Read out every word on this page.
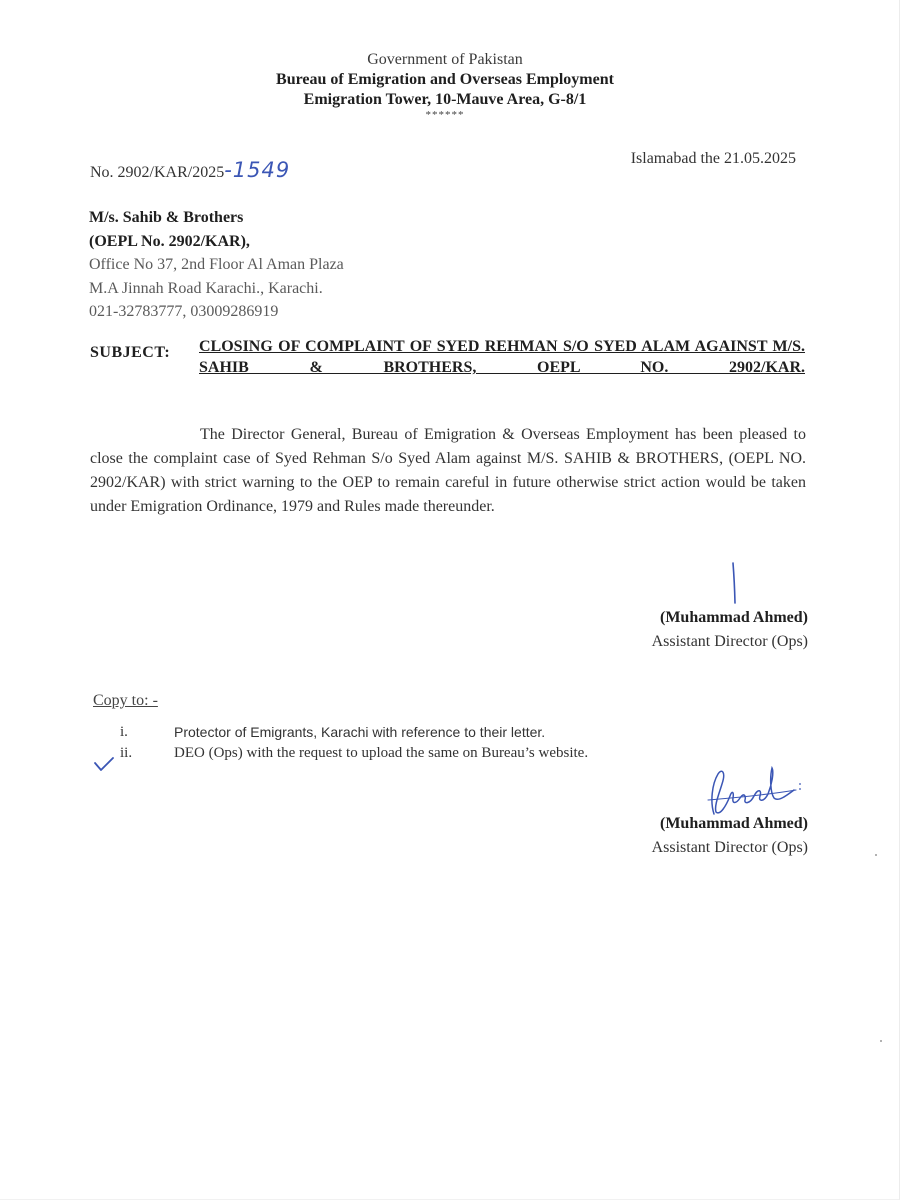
Government of Pakistan
Bureau of Emigration and Overseas Employment
Emigration Tower, 10-Mauve Area, G-8/1
******
No. 2902/KAR/2025-1549	Islamabad the 21.05.2025
M/s. Sahib & Brothers
(OEPL No. 2902/KAR),
Office No 37, 2nd Floor Al Aman Plaza
M.A Jinnah Road Karachi., Karachi.
021-32783777, 03009286919
SUBJECT: CLOSING OF COMPLAINT OF SYED REHMAN S/O SYED ALAM AGAINST M/S. SAHIB & BROTHERS, OEPL NO. 2902/KAR.
The Director General, Bureau of Emigration & Overseas Employment has been pleased to close the complaint case of Syed Rehman S/o Syed Alam against M/S. SAHIB & BROTHERS, (OEPL NO. 2902/KAR) with strict warning to the OEP to remain careful in future otherwise strict action would be taken under Emigration Ordinance, 1979 and Rules made thereunder.
(Muhammad Ahmed)
Assistant Director (Ops)
Copy to: -
i.	Protector of Emigrants, Karachi with reference to their letter.
ii.	DEO (Ops) with the request to upload the same on Bureau’s website.
(Muhammad Ahmed)
Assistant Director (Ops)
